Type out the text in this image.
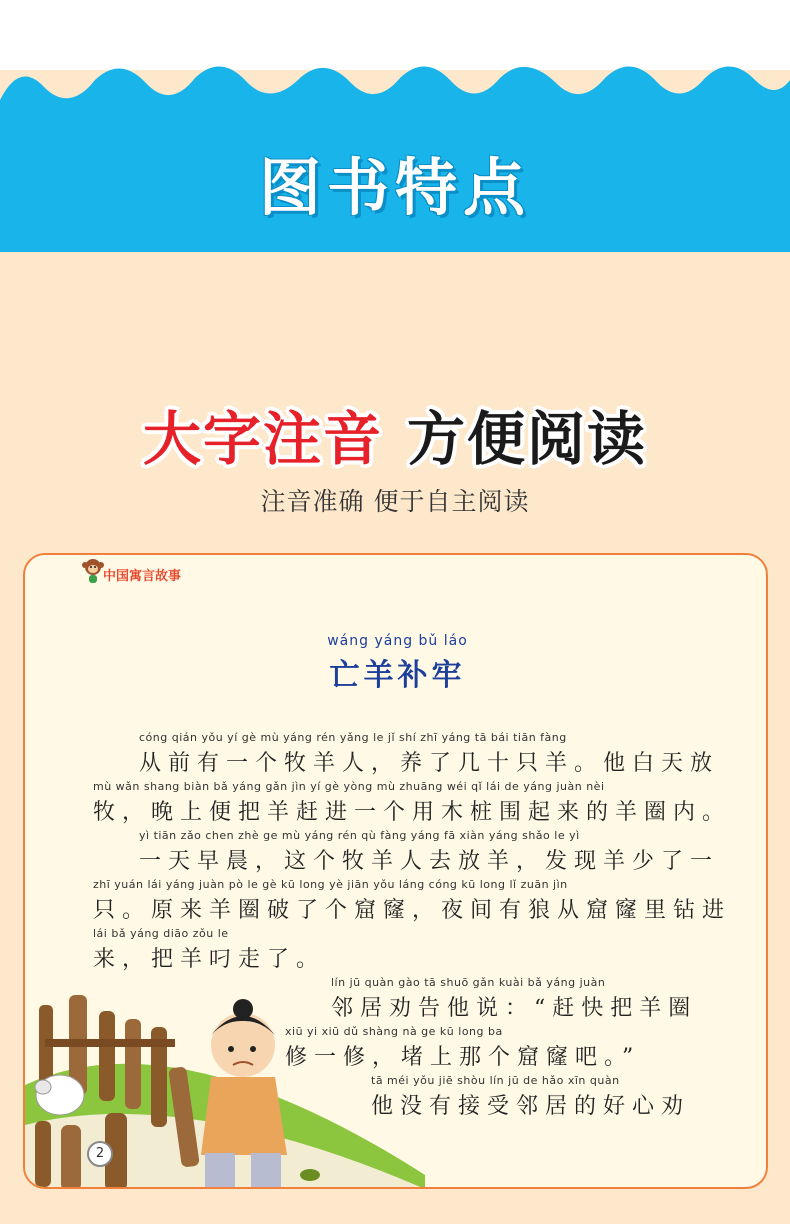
图书特点
大字注音 方便阅读
注音准确 便于自主阅读
中国寓言故事
wáng yáng bǔ láo
亡羊补牢
cóng qián yǒu yí gè mù yáng rén yǎng le jǐ shí zhī yáng tā bái tiān fàng
从前有一个牧羊人，养了几十只羊。他白天放
mù wǎn shang biàn bǎ yáng gǎn jìn yí gè yòng mù zhuāng wéi qǐ lái de yáng juàn nèi
牧，晚上便把羊赶进一个用木桩围起来的羊圈内。
yì tiān zǎo chen zhè ge mù yáng rén qù fàng yáng fā xiàn yáng shǎo le yì
一天早晨，这个牧羊人去放羊，发现羊少了一
zhī yuán lái yáng juàn pò le gè kū long yè jiān yǒu láng cóng kū long lǐ zuān jìn
只。原来羊圈破了个窟窿，夜间有狼从窟窿里钻进
lái bǎ yáng diāo zǒu le
来，把羊叼走了。
lín jū quàn gào tā shuō gǎn kuài bǎ yáng juàn
邻居劝告他说：“赶快把羊圈
xiū yi xiū dǔ shàng nà ge kū long ba
修一修，堵上那个窟窿吧。”
tā méi yǒu jiē shòu lín jū de hǎo xīn quàn
他没有接受邻居的好心劝
2
